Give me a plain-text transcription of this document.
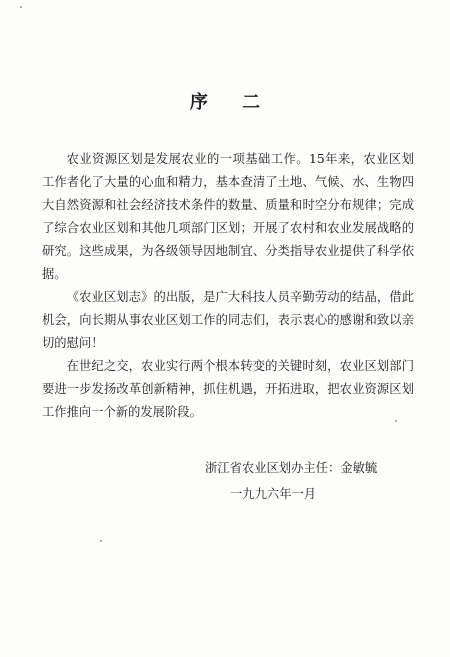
序 二

农业资源区划是发展农业的一项基础工作。15年来，农业区划工作者化了大量的心血和精力，基本查清了土地、气候、水、生物四大自然资源和社会经济技术条件的数量、质量和时空分布规律；完成了综合农业区划和其他几项部门区划；开展了农村和农业发展战略的研究。这些成果，为各级领导因地制宜、分类指导农业提供了科学依据。

《农业区划志》的出版，是广大科技人员辛勤劳动的结晶，借此机会，向长期从事农业区划工作的同志们，表示衷心的感谢和致以亲切的慰问！

在世纪之交，农业实行两个根本转变的关键时刻，农业区划部门要进一步发扬改革创新精神，抓住机遇，开拓进取，把农业资源区划工作推向一个新的发展阶段。

浙江省农业区划办主任：金敏毓
一九九六年一月
